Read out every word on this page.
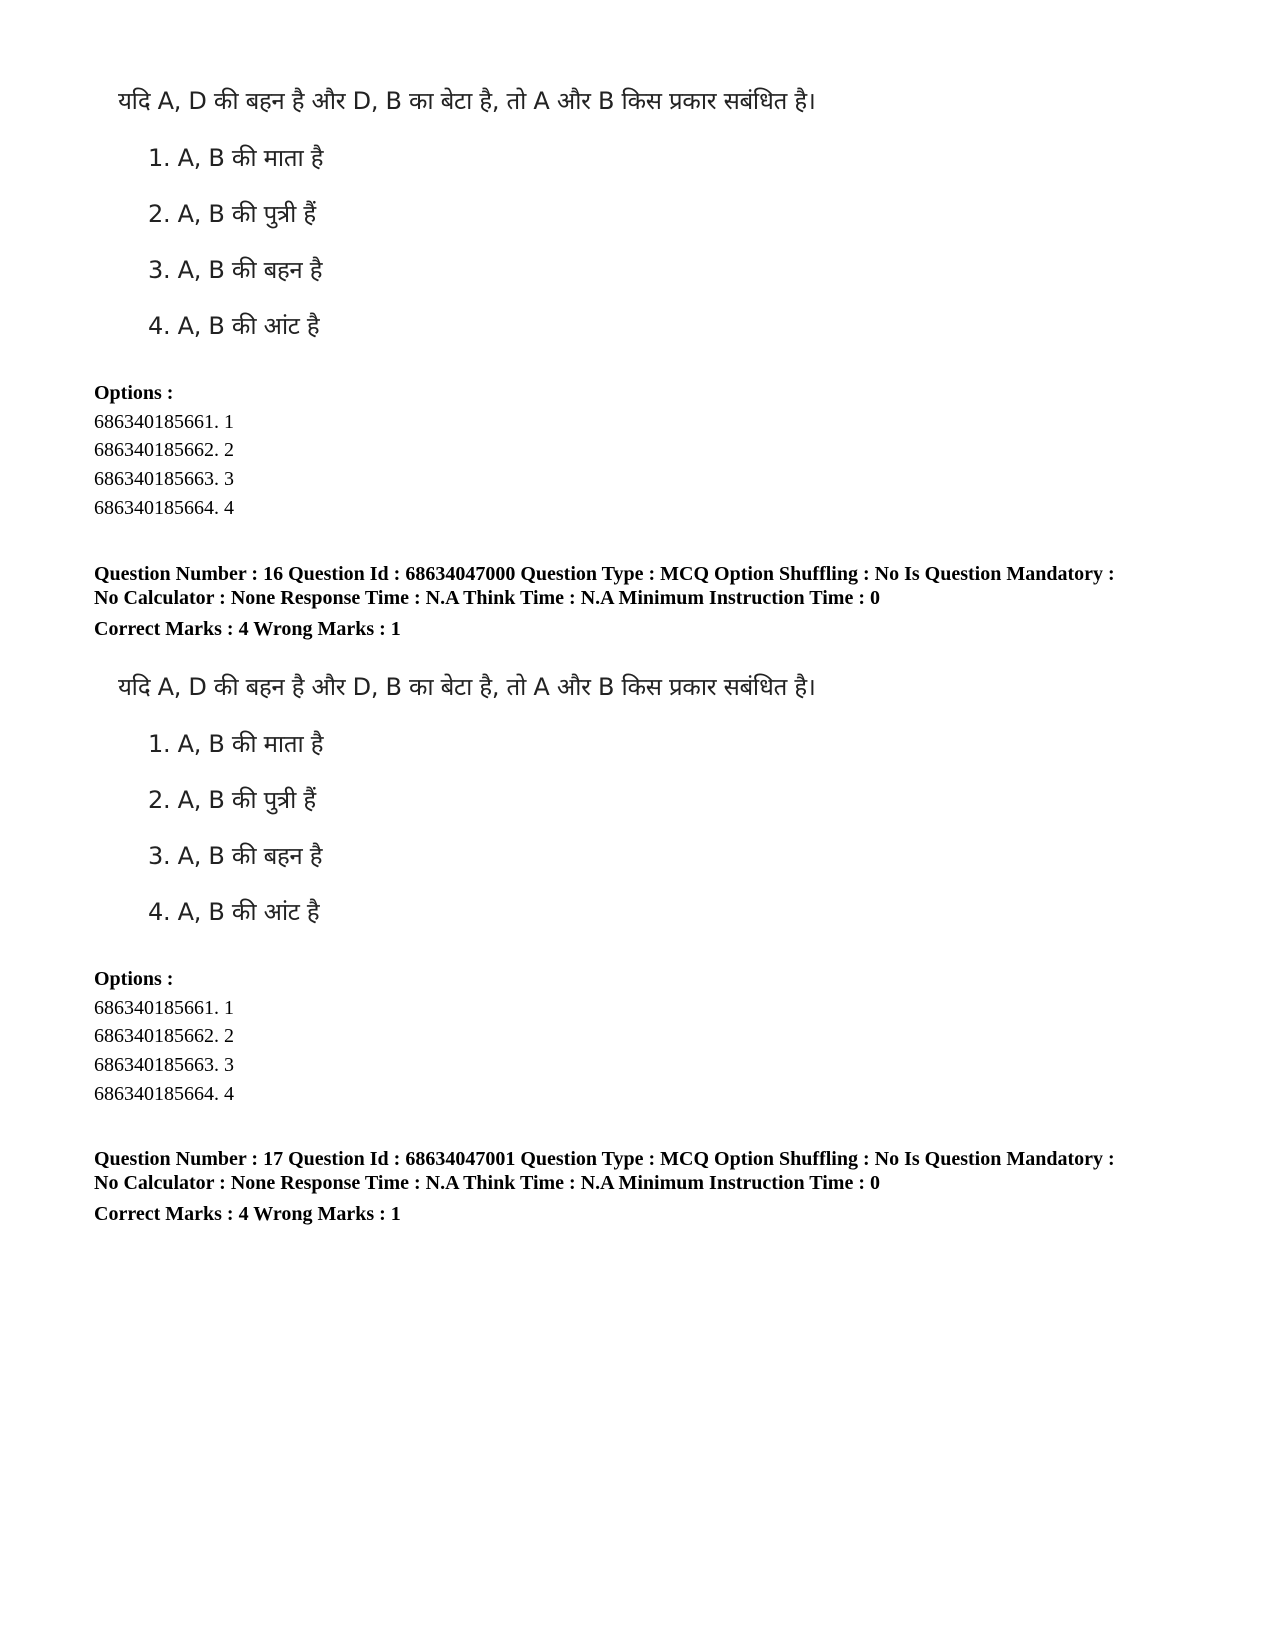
यदि A, D की बहन है और D, B का बेटा है, तो A और B किस प्रकार सबंधित है।
1. A, B की माता है
2. A, B की पुत्री हैं
3. A, B की बहन है
4. A, B की आंट है
Options :
686340185661. 1
686340185662. 2
686340185663. 3
686340185664. 4
Question Number : 16 Question Id : 68634047000 Question Type : MCQ Option Shuffling : No Is Question Mandatory :
No Calculator : None Response Time : N.A Think Time : N.A Minimum Instruction Time : 0
Correct Marks : 4 Wrong Marks : 1
यदि A, D की बहन है और D, B का बेटा है, तो A और B किस प्रकार सबंधित है।
1. A, B की माता है
2. A, B की पुत्री हैं
3. A, B की बहन है
4. A, B की आंट है
Options :
686340185661. 1
686340185662. 2
686340185663. 3
686340185664. 4
Question Number : 17 Question Id : 68634047001 Question Type : MCQ Option Shuffling : No Is Question Mandatory :
No Calculator : None Response Time : N.A Think Time : N.A Minimum Instruction Time : 0
Correct Marks : 4 Wrong Marks : 1
